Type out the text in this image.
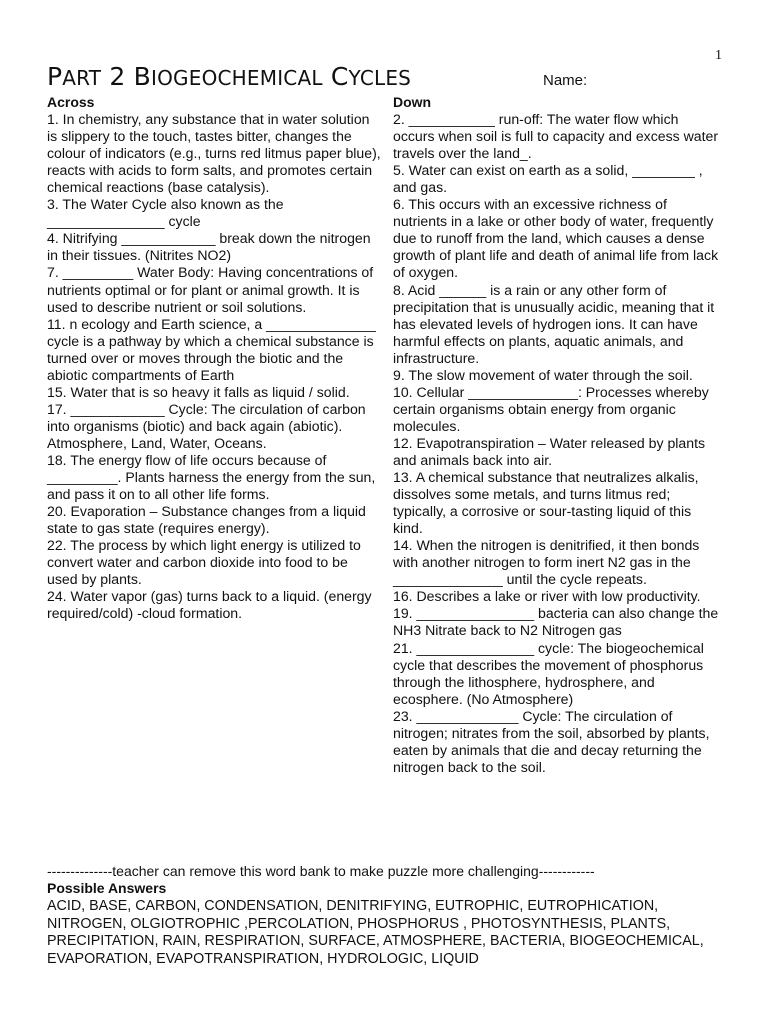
1
PART 2 BIOGEOCHEMICAL CYCLES	Name:
Across
1. In chemistry, any substance that in water solution is slippery to the touch, tastes bitter, changes the colour of indicators (e.g., turns red litmus paper blue), reacts with acids to form salts, and promotes certain chemical reactions (base catalysis).
3. The Water Cycle also known as the _______________ cycle
4. Nitrifying ____________ break down the nitrogen in their tissues. (Nitrites NO2)
7. _________ Water Body: Having concentrations of nutrients optimal or for plant or animal growth. It is used to describe nutrient or soil solutions.
11. n ecology and Earth science, a ______________ cycle is a pathway by which a chemical substance is turned over or moves through the biotic and the abiotic compartments of Earth
15. Water that is so heavy it falls as liquid / solid.
17. ____________ Cycle: The circulation of carbon into organisms (biotic) and back again (abiotic). Atmosphere, Land, Water, Oceans.
18. The energy flow of life occurs because of _________. Plants harness the energy from the sun, and pass it on to all other life forms.
20. Evaporation – Substance changes from a liquid state to gas state (requires energy).
22. The process by which light energy is utilized to convert water and carbon dioxide into food to be used by plants.
24. Water vapor (gas) turns back to a liquid. (energy required/cold) -cloud formation.
Down
2. ___________ run-off: The water flow which occurs when soil is full to capacity and excess water travels over the land_.
5. Water can exist on earth as a solid, ________ , and gas.
6. This occurs with an excessive richness of nutrients in a lake or other body of water, frequently due to runoff from the land, which causes a dense growth of plant life and death of animal life from lack of oxygen.
8. Acid ______ is a rain or any other form of precipitation that is unusually acidic, meaning that it has elevated levels of hydrogen ions. It can have harmful effects on plants, aquatic animals, and infrastructure.
9. The slow movement of water through the soil.
10. Cellular ______________: Processes whereby certain organisms obtain energy from organic molecules.
12. Evapotranspiration – Water released by plants and animals back into air.
13. A chemical substance that neutralizes alkalis, dissolves some metals, and turns litmus red; typically, a corrosive or sour-tasting liquid of this kind.
14. When the nitrogen is denitrified, it then bonds with another nitrogen to form inert N2 gas in the ______________ until the cycle repeats.
16. Describes a lake or river with low productivity.
19. _______________ bacteria can also change the NH3 Nitrate back to N2 Nitrogen gas
21. _______________ cycle: The biogeochemical cycle that describes the movement of phosphorus through the lithosphere, hydrosphere, and ecosphere. (No Atmosphere)
23. _____________ Cycle: The circulation of nitrogen; nitrates from the soil, absorbed by plants, eaten by animals that die and decay returning the nitrogen back to the soil.
--------------teacher can remove this word bank to make puzzle more challenging------------
Possible Answers
ACID, BASE, CARBON, CONDENSATION, DENITRIFYING, EUTROPHIC, EUTROPHICATION, NITROGEN, OLGIOTROPHIC ,PERCOLATION, PHOSPHORUS , PHOTOSYNTHESIS, PLANTS, PRECIPITATION, RAIN, RESPIRATION, SURFACE, ATMOSPHERE, BACTERIA, BIOGEOCHEMICAL, EVAPORATION, EVAPOTRANSPIRATION, HYDROLOGIC, LIQUID
